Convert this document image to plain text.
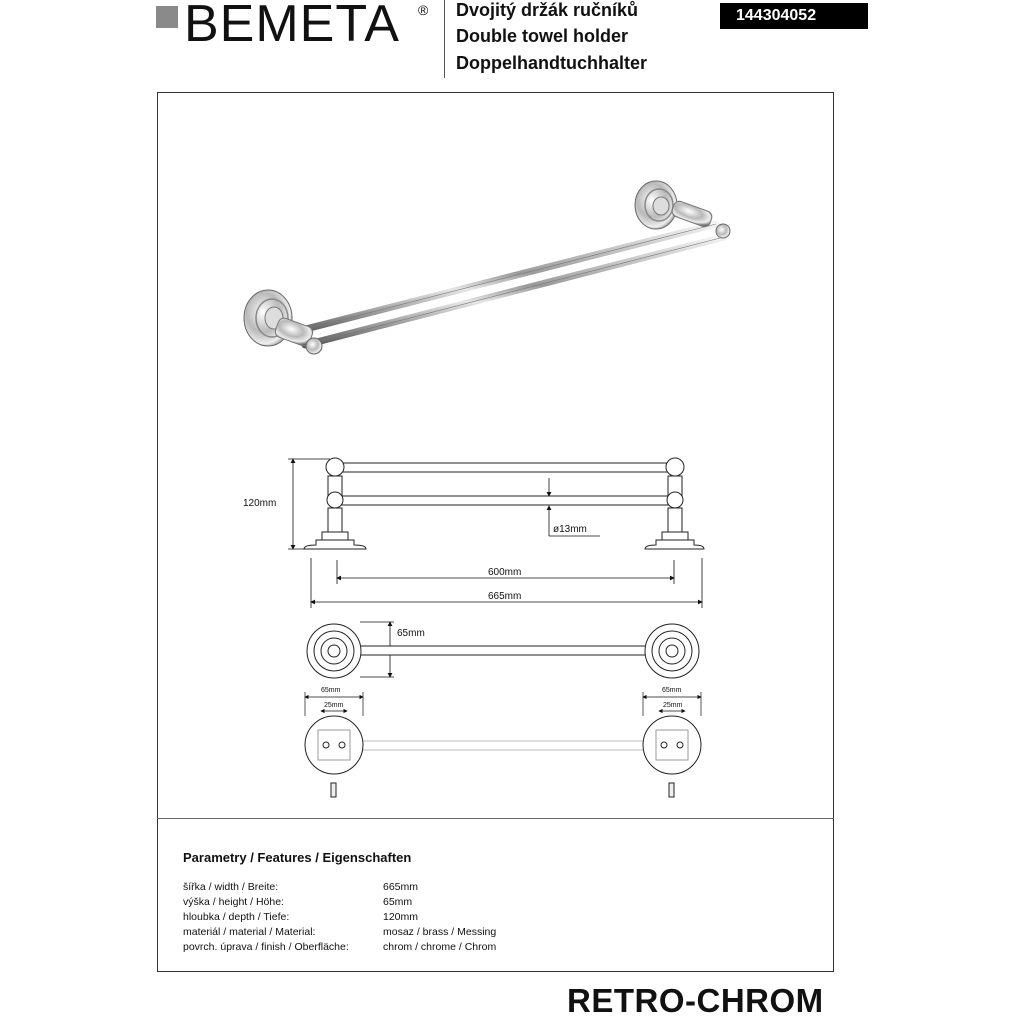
BEMETA ® Dvojitý držák ručníků
Double towel holder
Doppelhandtuchhalter
144304052
120mm
ø13mm
600mm
665mm
65mm
65mm
25mm
65mm
25mm
Parametry / Features / Eigenschaften
šířka / width / Breite:	665mm
výška / height / Höhe:	65mm
hloubka / depth / Tiefe:	120mm
materiál / material / Material:	mosaz / brass / Messing
povrch. úprava / finish / Oberfläche:	chrom / chrome / Chrom
RETRO-CHROM
